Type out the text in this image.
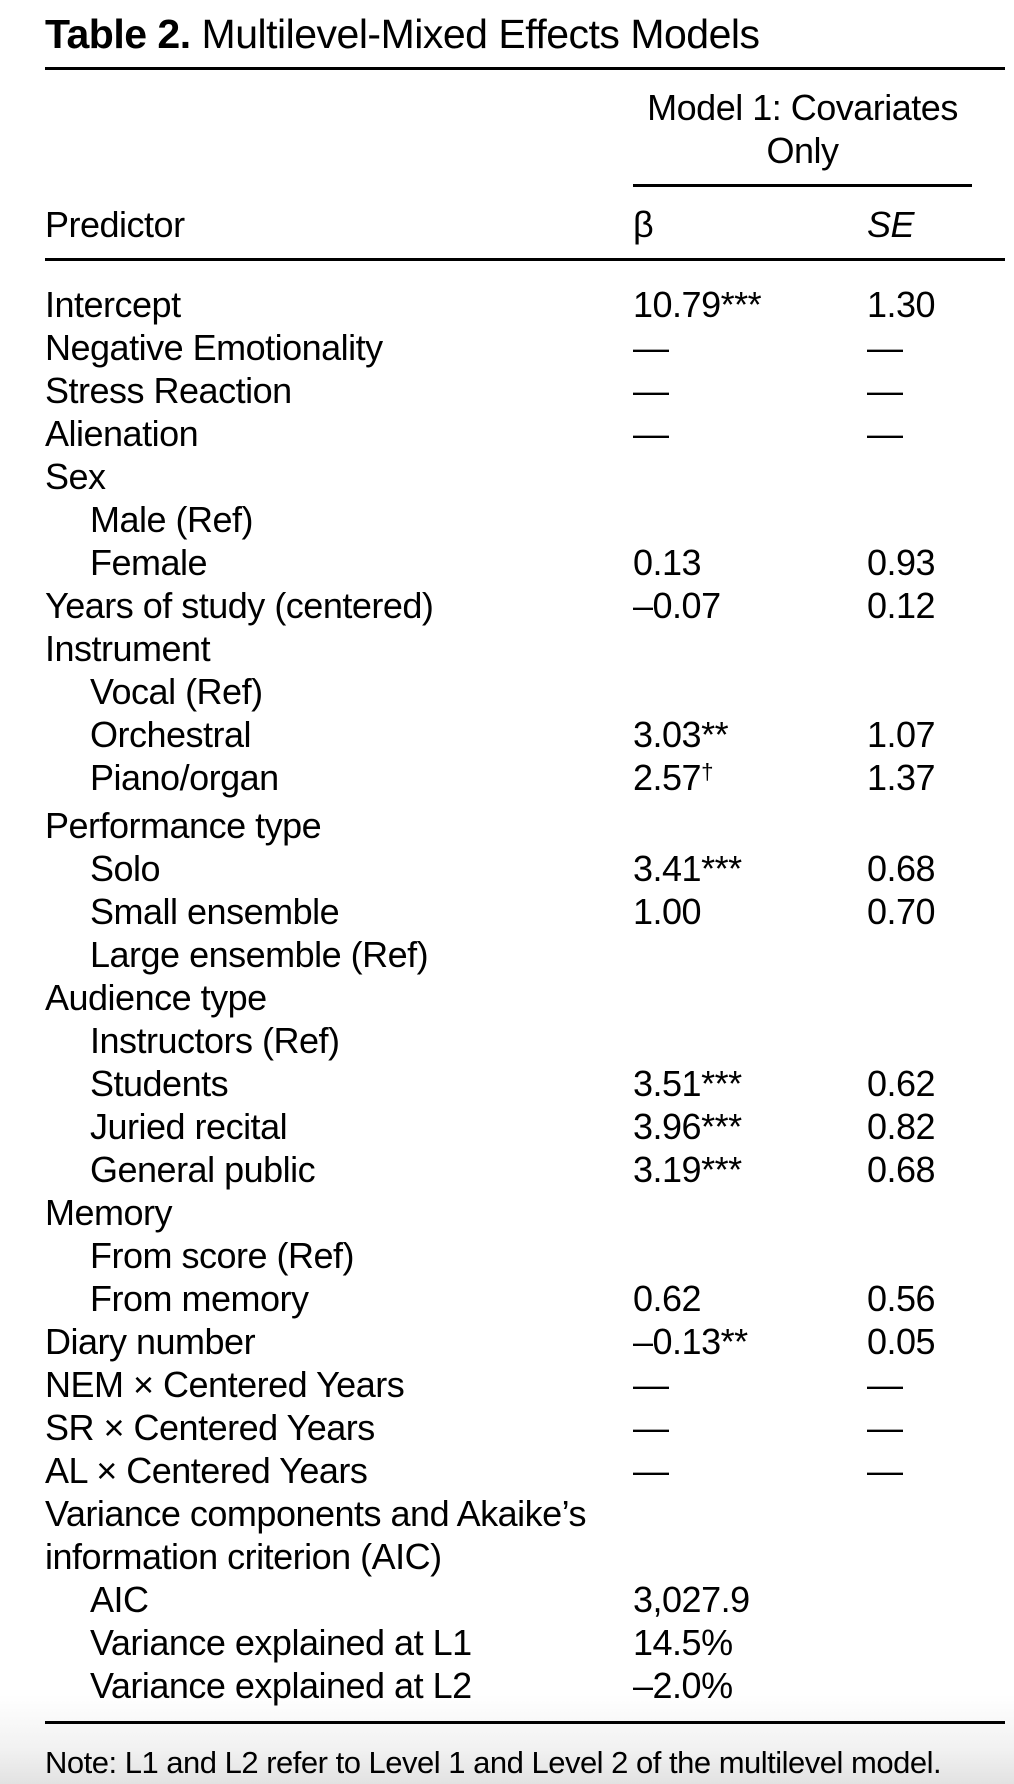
Table 2. Multilevel-Mixed Effects Models
Model 1: Covariates
Only
Predictor	β	SE
Intercept	10.79***	1.30
Negative Emotionality	—	—
Stress Reaction	—	—
Alienation	—	—
Sex
Male (Ref)
Female	0.13	0.93
Years of study (centered)	–0.07	0.12
Instrument
Vocal (Ref)
Orchestral	3.03**	1.07
Piano/organ	2.57†	1.37
Performance type
Solo	3.41***	0.68
Small ensemble	1.00	0.70
Large ensemble (Ref)
Audience type
Instructors (Ref)
Students	3.51***	0.62
Juried recital	3.96***	0.82
General public	3.19***	0.68
Memory
From score (Ref)
From memory	0.62	0.56
Diary number	–0.13**	0.05
NEM × Centered Years	—	—
SR × Centered Years	—	—
AL × Centered Years	—	—
Variance components and Akaike’s
information criterion (AIC)
AIC	3,027.9
Variance explained at L1	14.5%
Variance explained at L2	–2.0%
Note: L1 and L2 refer to Level 1 and Level 2 of the multilevel model.
